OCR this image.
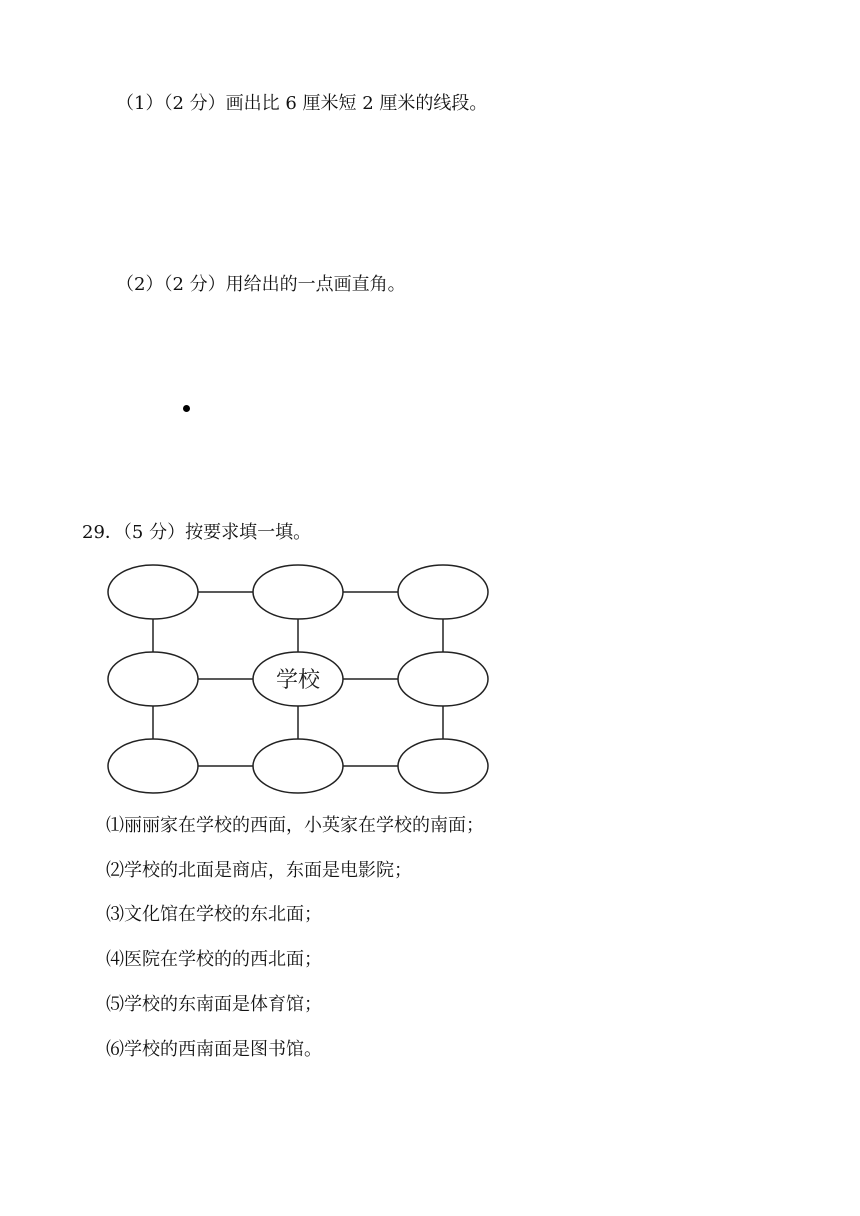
（1）（2 分）画出比 6 厘米短 2 厘米的线段。
（2）（2 分）用给出的一点画直角。
29．（5 分）按要求填一填。
学校
⑴丽丽家在学校的西面，小英家在学校的南面；
⑵学校的北面是商店，东面是电影院；
⑶文化馆在学校的东北面；
⑷医院在学校的的西北面；
⑸学校的东南面是体育馆；
⑹学校的西南面是图书馆。
